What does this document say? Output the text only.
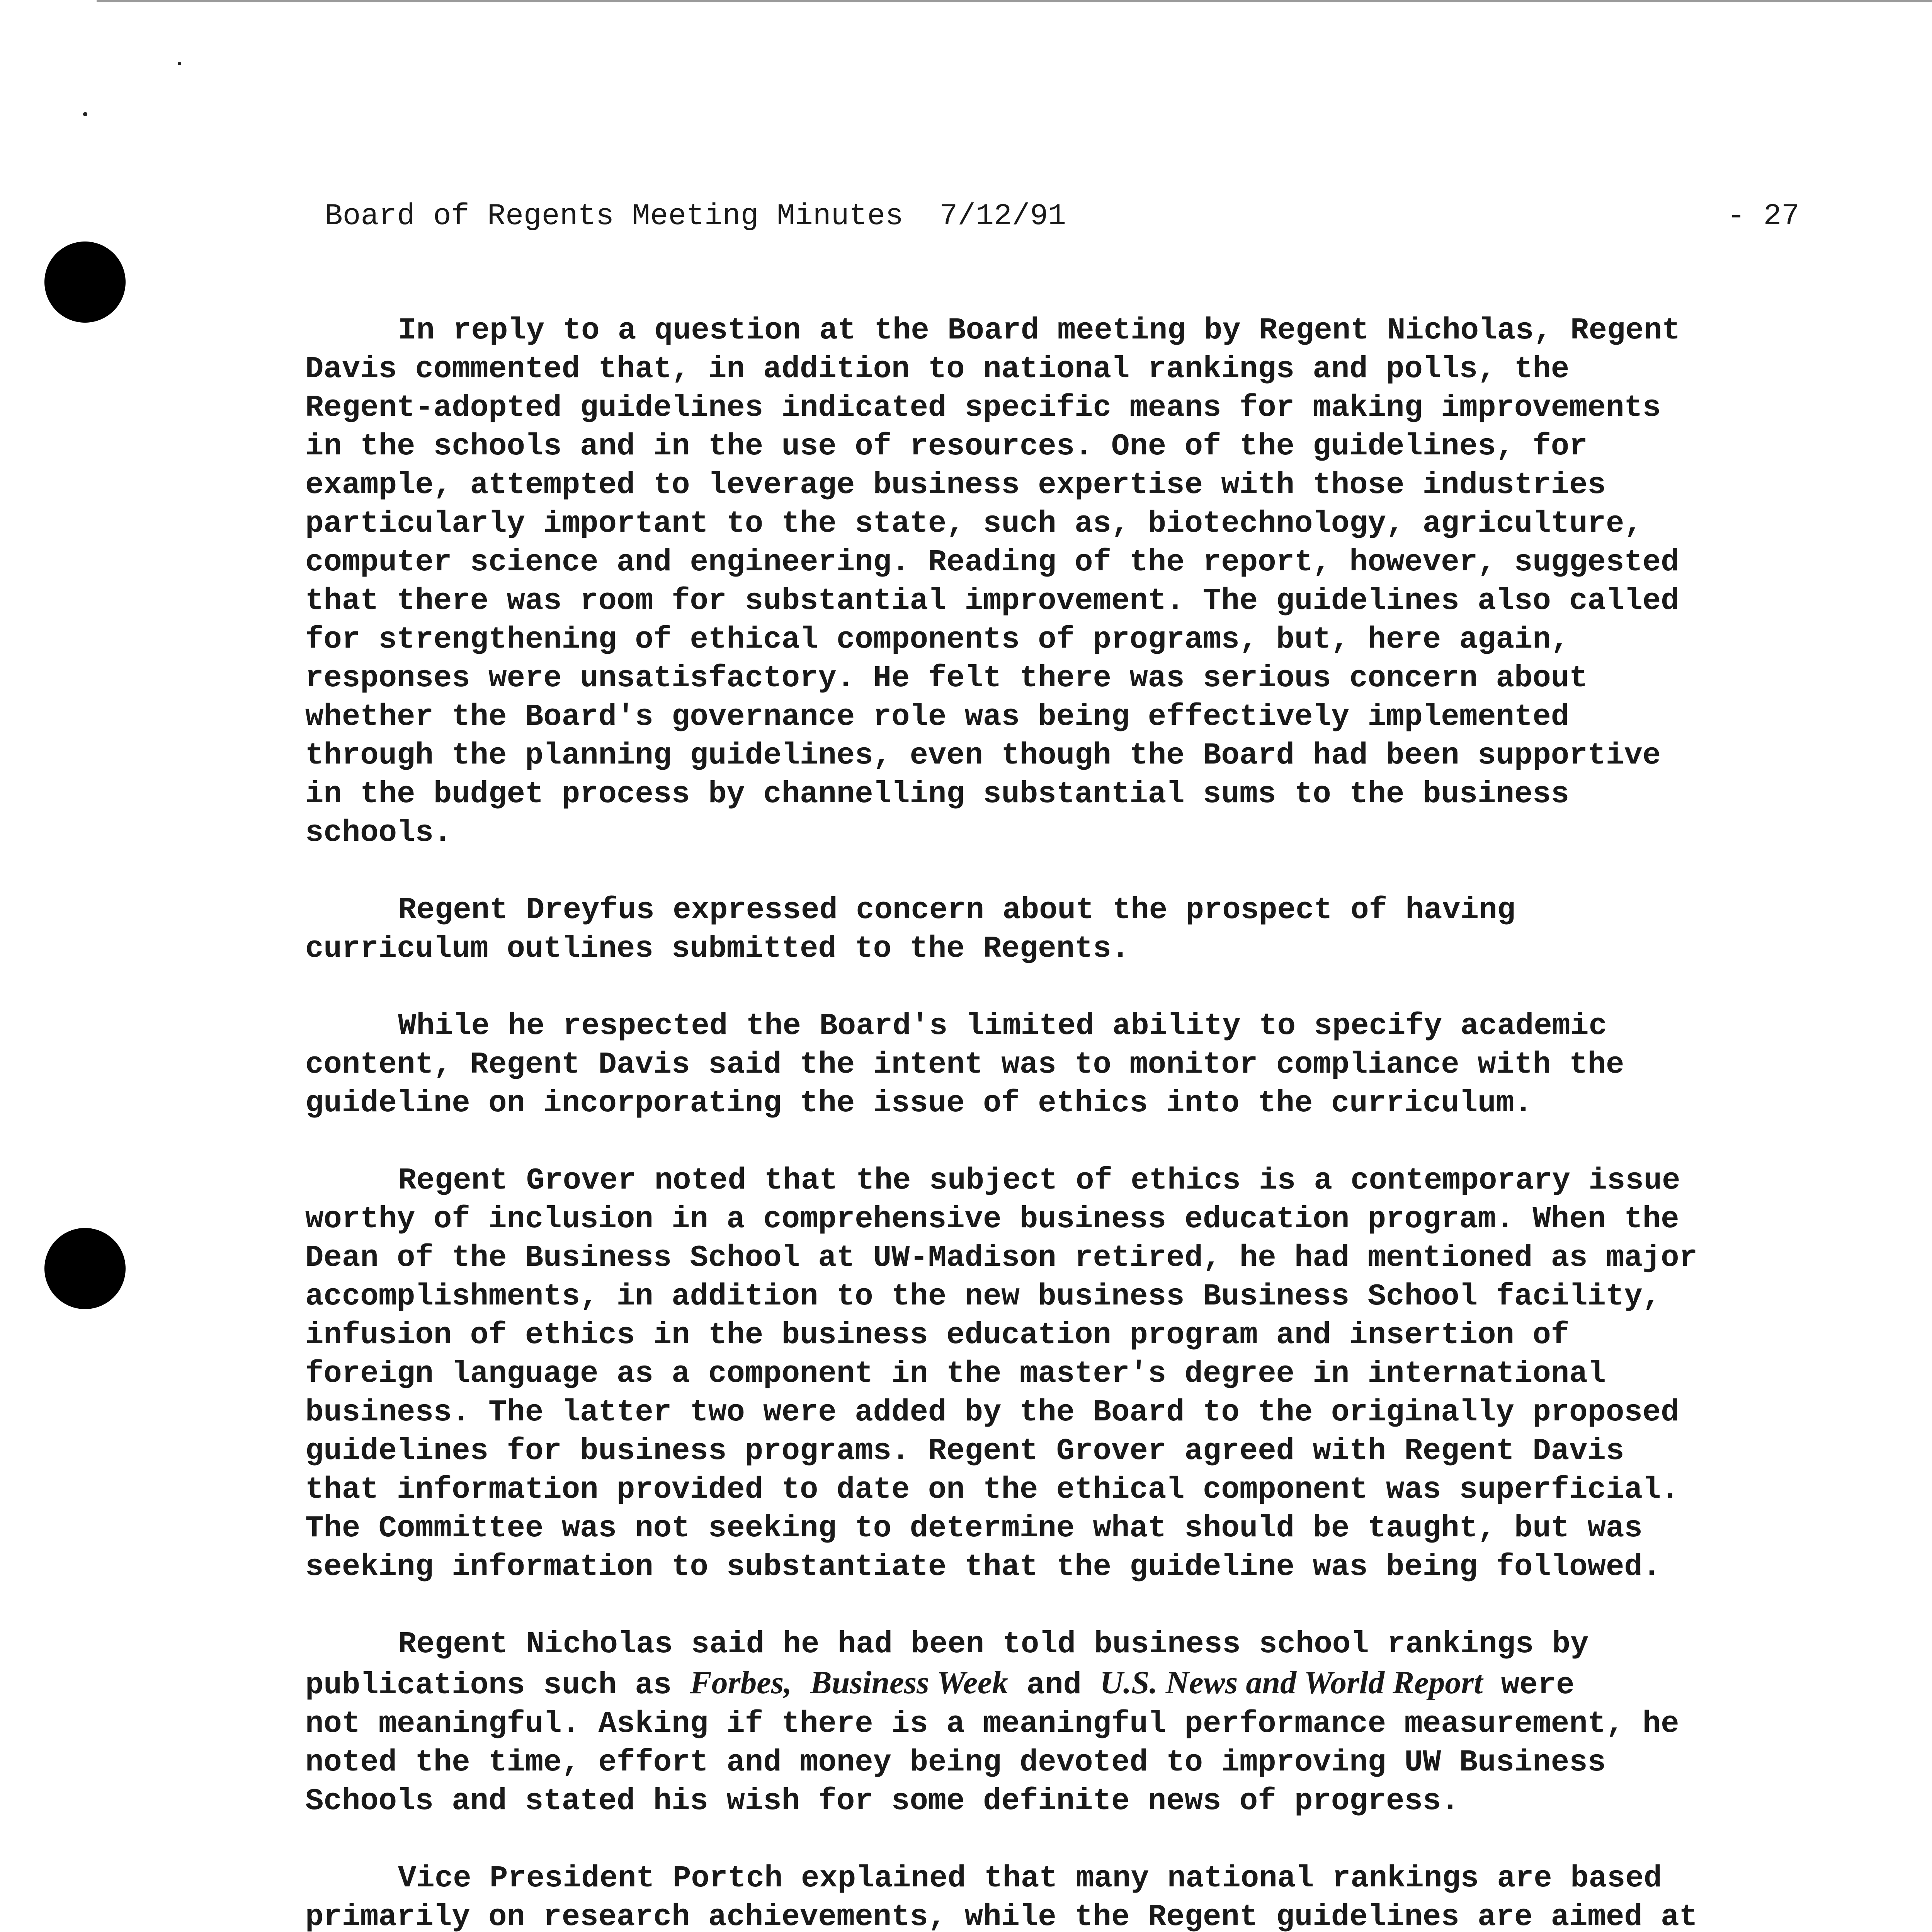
Board of Regents Meeting Minutes  7/12/91	- 27

In reply to a question at the Board meeting by Regent Nicholas, Regent
Davis commented that, in addition to national rankings and polls, the
Regent-adopted guidelines indicated specific means for making improvements
in the schools and in the use of resources. One of the guidelines, for
example, attempted to leverage business expertise with those industries
particularly important to the state, such as, biotechnology, agriculture,
computer science and engineering. Reading of the report, however, suggested
that there was room for substantial improvement. The guidelines also called
for strengthening of ethical components of programs, but, here again,
responses were unsatisfactory. He felt there was serious concern about
whether the Board's governance role was being effectively implemented
through the planning guidelines, even though the Board had been supportive
in the budget process by channelling substantial sums to the business
schools.

Regent Dreyfus expressed concern about the prospect of having
curriculum outlines submitted to the Regents.

While he respected the Board's limited ability to specify academic
content, Regent Davis said the intent was to monitor compliance with the
guideline on incorporating the issue of ethics into the curriculum.

Regent Grover noted that the subject of ethics is a contemporary issue
worthy of inclusion in a comprehensive business education program. When the
Dean of the Business School at UW-Madison retired, he had mentioned as major
accomplishments, in addition to the new business Business School facility,
infusion of ethics in the business education program and insertion of
foreign language as a component in the master's degree in international
business. The latter two were added by the Board to the originally proposed
guidelines for business programs. Regent Grover agreed with Regent Davis
that information provided to date on the ethical component was superficial.
The Committee was not seeking to determine what should be taught, but was
seeking information to substantiate that the guideline was being followed.

Regent Nicholas said he had been told business school rankings by
publications such as Forbes, Business Week and U.S. News and World Report were
not meaningful. Asking if there is a meaningful performance measurement, he
noted the time, effort and money being devoted to improving UW Business
Schools and stated his wish for some definite news of progress.

Vice President Portch explained that many national rankings are based
primarily on research achievements, while the Regent guidelines are aimed at
